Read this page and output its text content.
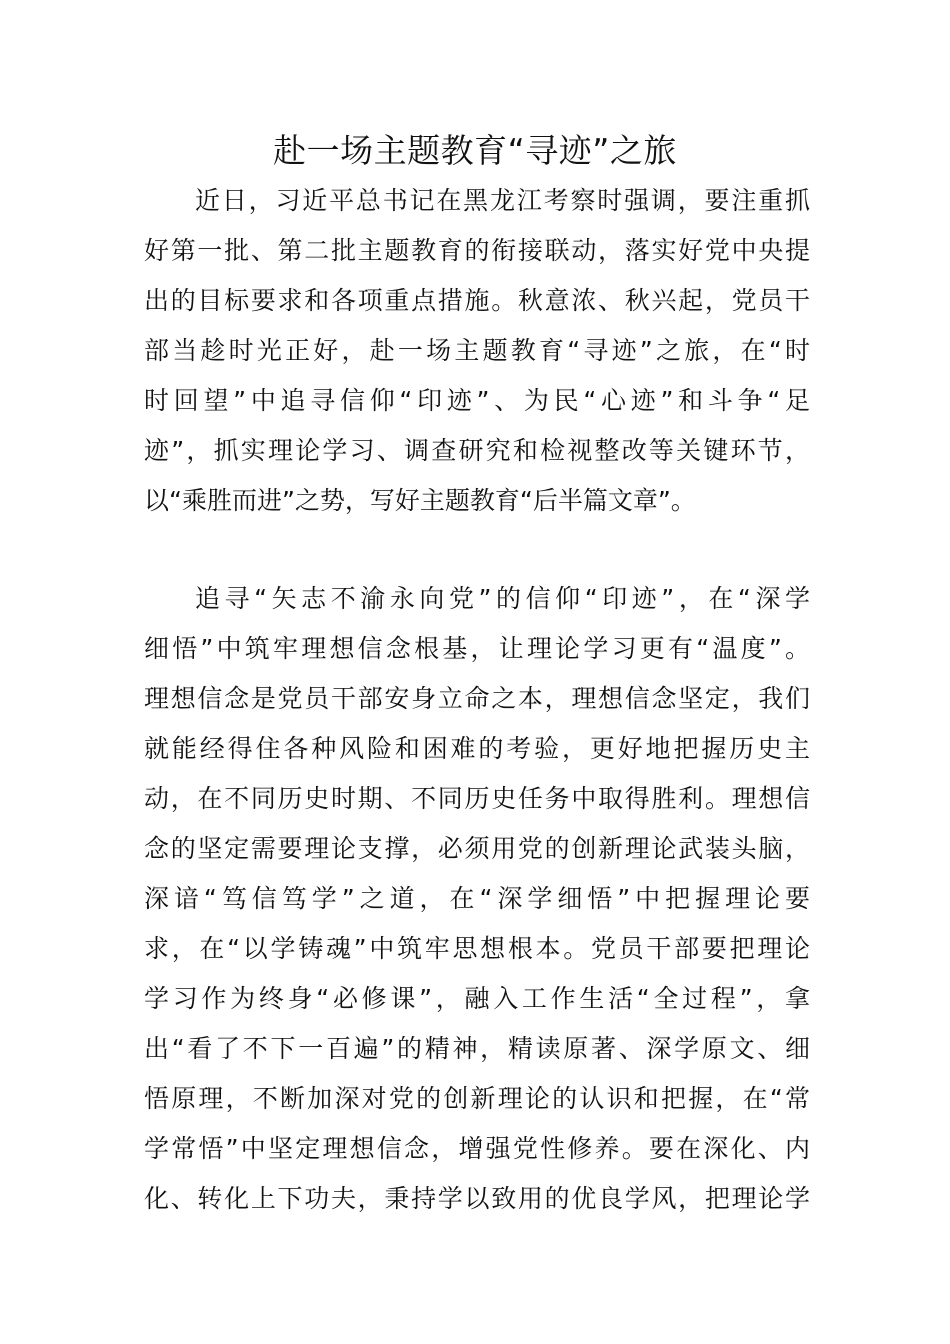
赴一场主题教育“寻迹”之旅
近日，习近平总书记在黑龙江考察时强调，要注重抓
好第一批、第二批主题教育的衔接联动，落实好党中央提
出的目标要求和各项重点措施。秋意浓、秋兴起，党员干
部当趁时光正好，赴一场主题教育“寻迹”之旅，在“时
时回望”中追寻信仰“印迹”、为民“心迹”和斗争“足
迹”，抓实理论学习、调查研究和检视整改等关键环节，
以“乘胜而进”之势，写好主题教育“后半篇文章”。
追寻“矢志不渝永向党”的信仰“印迹”，在“深学
细悟”中筑牢理想信念根基，让理论学习更有“温度”。
理想信念是党员干部安身立命之本，理想信念坚定，我们
就能经得住各种风险和困难的考验，更好地把握历史主
动，在不同历史时期、不同历史任务中取得胜利。理想信
念的坚定需要理论支撑，必须用党的创新理论武装头脑，
深谙“笃信笃学”之道，在“深学细悟”中把握理论要
求，在“以学铸魂”中筑牢思想根本。党员干部要把理论
学习作为终身“必修课”，融入工作生活“全过程”，拿
出“看了不下一百遍”的精神，精读原著、深学原文、细
悟原理，不断加深对党的创新理论的认识和把握，在“常
学常悟”中坚定理想信念，增强党性修养。要在深化、内
化、转化上下功夫，秉持学以致用的优良学风，把理论学
